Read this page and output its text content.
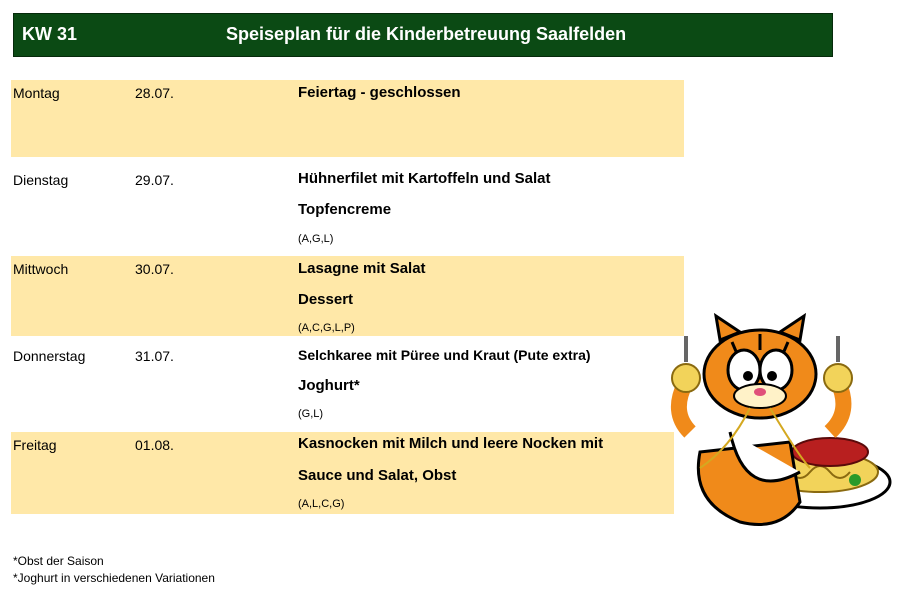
KW 31	Speiseplan für die Kinderbetreuung Saalfelden
Montag	28.07.	Feiertag - geschlossen
Dienstag	29.07.	Hühnerfilet mit Kartoffeln und Salat
Topfencreme
(A,G,L)
Mittwoch	30.07.	Lasagne mit Salat
Dessert
(A,C,G,L,P)
Donnerstag	31.07.	Selchkaree mit Püree und Kraut (Pute extra)
Joghurt*
(G,L)
Freitag	01.08.	Kasnocken mit Milch und leere Nocken mit
Sauce und Salat, Obst
(A,L,C,G)
*Obst der Saison
*Joghurt in verschiedenen Variationen
